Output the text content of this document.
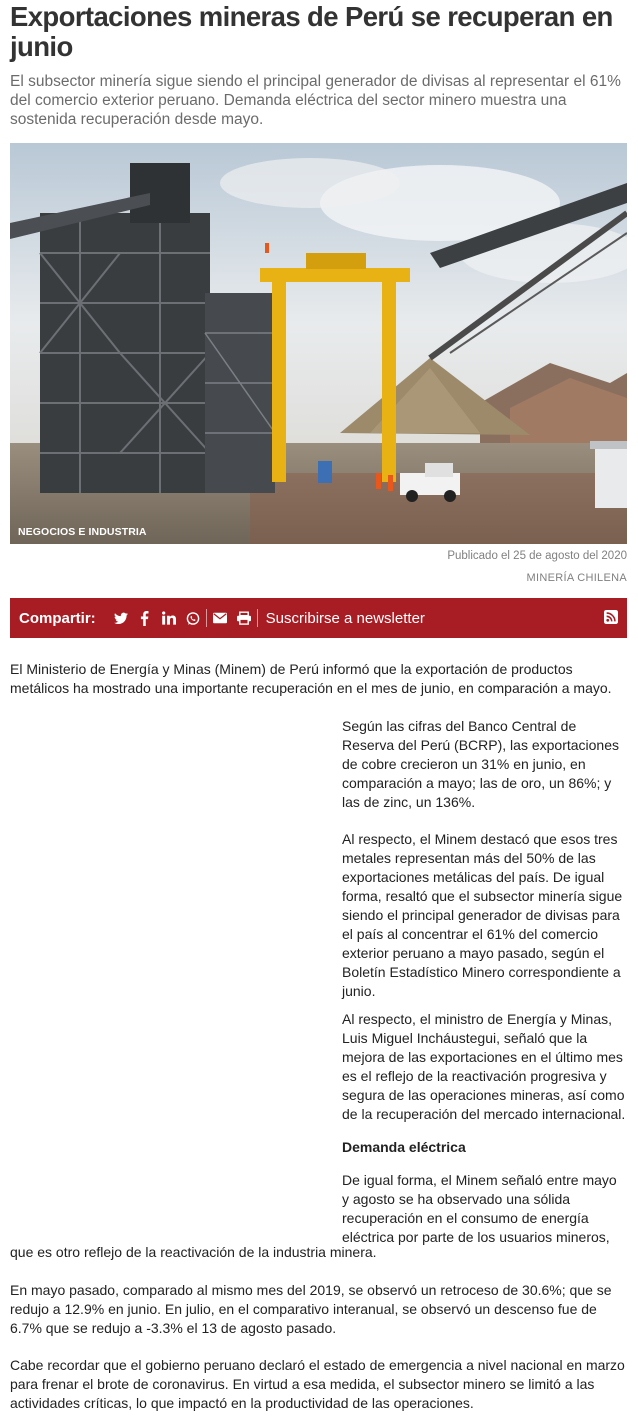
Exportaciones mineras de Perú se recuperan en junio

El subsector minería sigue siendo el principal generador de divisas al representar el 61% del comercio exterior peruano. Demanda eléctrica del sector minero muestra una sostenida recuperación desde mayo.

NEGOCIOS E INDUSTRIA
Publicado el 25 de agosto del 2020
MINERÍA CHILENA
Compartir:	Suscribirse a newsletter

El Ministerio de Energía y Minas (Minem) de Perú informó que la exportación de productos metálicos ha mostrado una importante recuperación en el mes de junio, en comparación a mayo.

Según las cifras del Banco Central de Reserva del Perú (BCRP), las exportaciones de cobre crecieron un 31% en junio, en comparación a mayo; las de oro, un 86%; y las de zinc, un 136%.

Al respecto, el Minem destacó que esos tres metales representan más del 50% de las exportaciones metálicas del país. De igual forma, resaltó que el subsector minería sigue siendo el principal generador de divisas para el país al concentrar el 61% del comercio exterior peruano a mayo pasado, según el Boletín Estadístico Minero correspondiente a junio.

Al respecto, el ministro de Energía y Minas, Luis Miguel Incháustegui, señaló que la mejora de las exportaciones en el último mes es el reflejo de la reactivación progresiva y segura de las operaciones mineras, así como de la recuperación del mercado internacional.

Demanda eléctrica

De igual forma, el Minem señaló entre mayo y agosto se ha observado una sólida recuperación en el consumo de energía eléctrica por parte de los usuarios mineros,

que es otro reflejo de la reactivación de la industria minera.

En mayo pasado, comparado al mismo mes del 2019, se observó un retroceso de 30.6%; que se redujo a 12.9% en junio. En julio, en el comparativo interanual, se observó un descenso fue de 6.7% que se redujo a -3.3% el 13 de agosto pasado.

Cabe recordar que el gobierno peruano declaró el estado de emergencia a nivel nacional en marzo para frenar el brote de coronavirus. En virtud a esa medida, el subsector minero se limitó a las actividades críticas, lo que impactó en la productividad de las operaciones.
